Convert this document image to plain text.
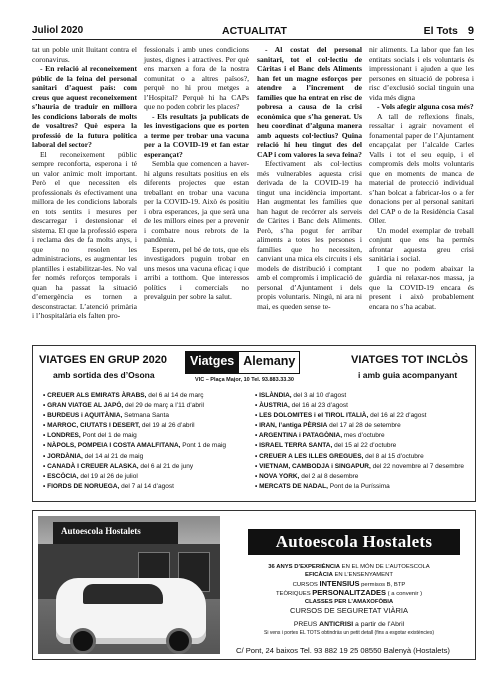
Juliol 2020	ACTUALITAT	El Tots 9

tat un poble unit lluitant contra el coronavirus.

- En relació al reconeixement públic de la feina del personal sanitari d’aquest país: com creus que aquest reconeixement s’hauria de traduir en millora les condicions laborals de molts de vosaltres? Què espera la professió de la futura política laboral del sector?

El reconeixement públic sempre reconforta, esperona i té un valor anímic molt important. Però el que necessiten els professionals és efectivament una millora de les condicions laborals en tots sentits i mesures per descarregar i destensionar el sistema. El que la professió espera i reclama des de fa molts anys, i que no resolen les administracions, es augmentar les plantilles i estabilitzar-les. No val fer només reforços temporals i quan ha passat la situació d’emergència es tornen a desconstractar. L’atenció primària i l’hospitalària els falten pro-

fessionals i amb unes condicions justes, dignes i atractives. Per què ens marxen a fora de la nostra comunitat o a altres països?, perquè no hi prou metges a l’Hospital? Perquè hi ha CAPs que no poden cobrir les places?

- Els resultats ja publicats de les investigacions que es porten a terme per trobar una vacuna per a la COVID-19 et fan estar esperançat?

Sembla que comencen a haver-hi alguns resultats positius en els diferents projectes que estan treballant en trobar una vacuna per la COVID-19. Això és positiu i obra esperances, ja que serà una de les millors eines per a prevenir i combatre nous rebrots de la pandèmia.

Esperem, pel bé de tots, que els investigadors puguin trobar en uns mesos una vacuna eficaç i que arribi a totthom. Que interessos polítics i comercials no prevalguin per sobre la salut.

- Al costat del personal sanitari, tot el col·lectiu de Càritas i el Banc dels Aliments han fet un magne esforços per atendre a l’increment de famílies que ha entrat en risc de pobresa a causa de la crisi econòmica que s’ha generat. Us heu coordinat d’alguna manera amb aquests col·lectius? Quina relació hi heu tingut des del CAP i com valores la seva feina?

Efectivament als col·lectius més vulnerables aquesta crisi derivada de la COVID-19 ha tingut una incidència important. Han augmentat les famílies que han hagut de recórrer als serveis de Càrites i Banc dels Aliments. Però, s’ha pogut fer arribar aliments a totes les persones i famílies que ho necessiten, canviant una mica els circuits i els models de distribució i comptant amb el compromís i implicació de personal d’Ajuntament i dels propis voluntaris. Ningú, ni ara ni mai, es queden sense te-

nir aliments. La labor que fan les entitats socials i els voluntaris és impressionant i ajuden a que les persones en situació de pobresa i risc d’exclusió social tinguin una vida més digna

- Vols afegir alguna cosa més?

A tall de reflexions finals, ressaltar i agrair novament el fonamental paper de l’Ajuntament encapçalat per l’alcalde Carles Valls i tot el seu equip, i el compromís dels molts voluntaris que en moments de manca de material de protecció individual s’han bolcat a fabricar-los o a fer donacions per al personal sanitari del CAP o de la Residència Casal Oller.

Un model exemplar de treball conjunt que ens ha permès afrontar aquesta greu crisi sanitària i social.

I que no podem abaixar la guàrdia ni relaxar-nos massa, ja que la COVID-19 encara és present i això probablement encara no s’ha acabat.

VIATGES EN GRUP 2020
amb sortida des d’Osona
Viatges Alemany
VIC – Plaça Major, 10 Tel. 93.883.33.30
VIATGES TOT INCLÒS
i amb guia acompanyant
• CREUER ALS EMIRATS ÀRABS, del 6 al 14 de març
• GRAN VIATGE AL JAPÓ, del 29 de març a l’11 d’abril
• BURDEUS i AQUITÀNIA, Setmana Santa
• MARROC, CIUTATS I DESERT, del 19 al 26 d’abril
• LONDRES, Pont del 1 de maig
• NÀPOLS, POMPEIA I COSTA AMALFITANA, Pont 1 de maig
• JORDÀNIA, del 14 al 21 de maig
• CANADÀ I CREUER ALASKA, del 6 al 21 de juny
• ESCÒCIA, del 19 al 26 de juliol
• FIORDS DE NORUEGA, del 7 al 14 d’agost
• ISLÀNDIA, del 3 al 10 d’agost
• ÀUSTRIA, del 16 al 23 d’agost
• LES DOLOMITES i el TIROL ITALIÀ, del 16 al 22 d’agost
• IRAN, l’antiga PÈRSIA del 17 al 28 de setembre
• ARGENTINA i PATAGÒNIA, mes d’octubre
• ISRAEL TERRA SANTA, del 15 al 22 d’octubre
• CREUER A LES ILLES GREGUES, del 8 al 15 d’octubre
• VIETNAM, CAMBODJA i SINGAPUR, del 22 novembre al 7 desembre
• NOVA YORK, del 2 al 8 desembre
• MERCATS DE NADAL, Pont de la Puríssima
Autoescola Hostalets
Autoescola Hostalets
36 ANYS D’EXPERIÈNCIA EN EL MÓN DE L’AUTOESCOLA
EFICÀCIA EN L’ENSENYAMENT
CURSOS INTENSIUS permisos B, BTP
TEÒRIQUES PERSONALITZADES ( a convenir )
CLASSES PER L’AMAXOFÒBIA
CURSOS DE SEGURETAT VIÀRIA
PREUS ANTICRISI a partir de l’Abril
Si vens i portes EL TOTS obtindràs un petit detall (fins a esgotar existències)
C/ Pont, 24 baixos Tel. 93 882 19 25 08550 Balenyà (Hostalets)
